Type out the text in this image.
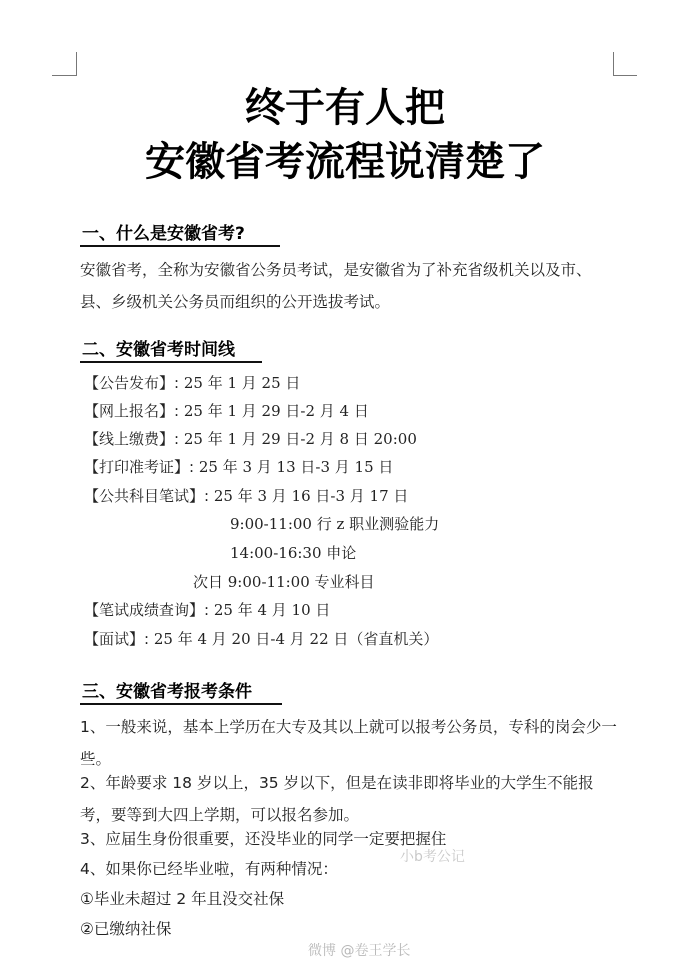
终于有人把
安徽省考流程说清楚了
一、什么是安徽省考?
安徽省考，全称为安徽省公务员考试，是安徽省为了补充省级机关以及市、县、乡级机关公务员而组织的公开选拔考试。
二、安徽省考时间线
【公告发布】: 25 年 1 月 25 日
【网上报名】: 25 年 1 月 29 日-2 月 4 日
【线上缴费】: 25 年 1 月 29 日-2 月 8 日 20:00
【打印准考证】: 25 年 3 月 13 日-3 月 15 日
【公共科目笔试】: 25 年 3 月 16 日-3 月 17 日
9:00-11:00 行 z 职业测验能力
14:00-16:30 申论
次日 9:00-11:00 专业科目
【笔试成绩查询】: 25 年 4 月 10 日
【面试】: 25 年 4 月 20 日-4 月 22 日（省直机关）
三、安徽省考报考条件
1、一般来说，基本上学历在大专及其以上就可以报考公务员，专科的岗会少一些。
2、年龄要求 18 岁以上，35 岁以下，但是在读非即将毕业的大学生不能报考，要等到大四上学期，可以报名参加。
3、应届生身份很重要，还没毕业的同学一定要把握住
4、如果你已经毕业啦，有两种情况：
①毕业未超过 2 年且没交社保
②已缴纳社保
小b考公记
微博 @卷王学长
